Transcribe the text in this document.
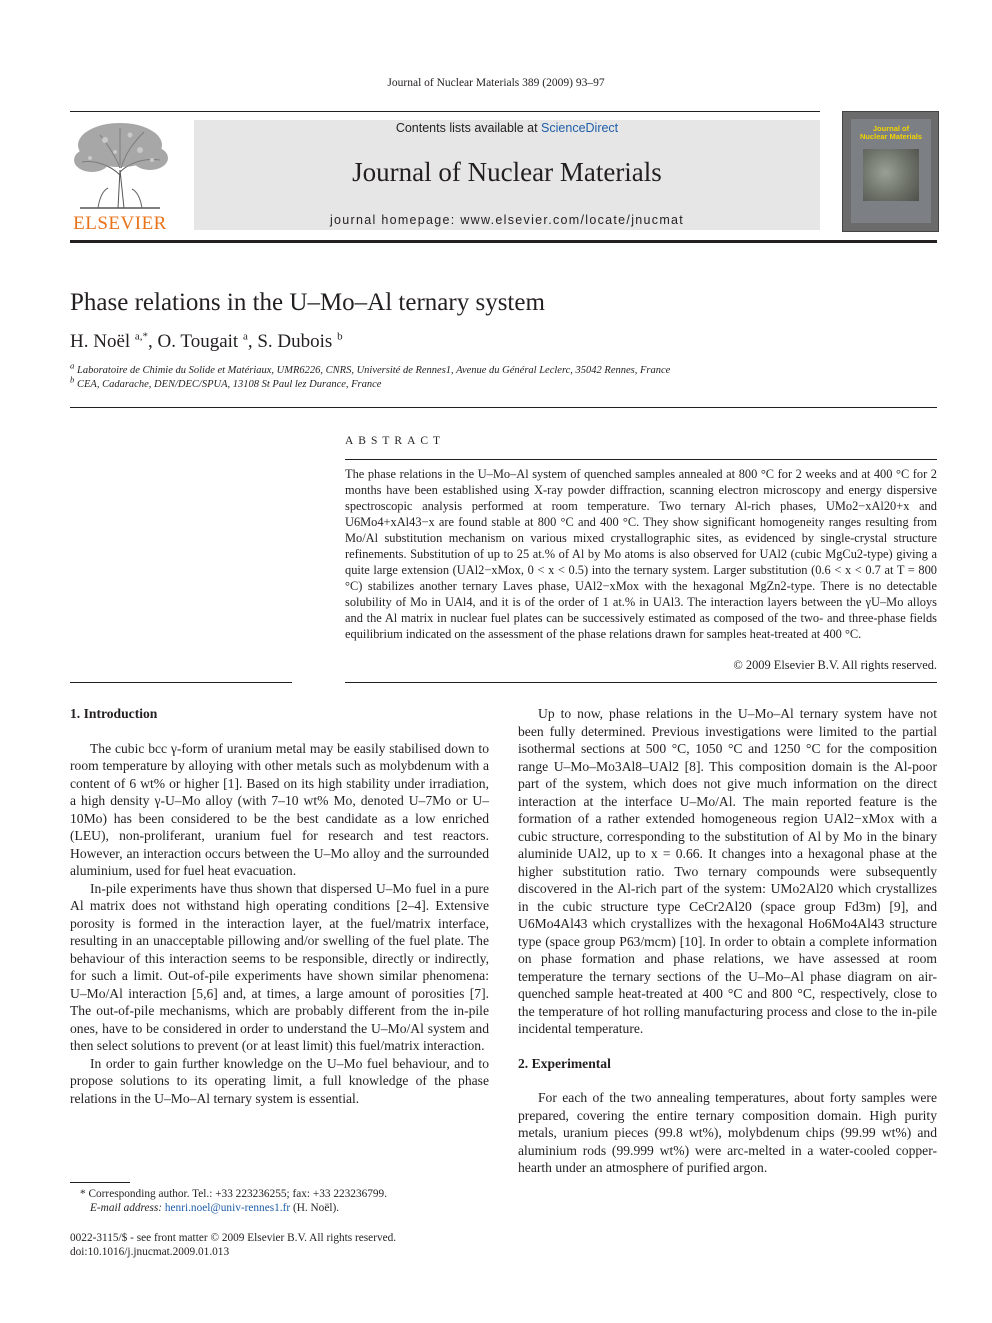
Journal of Nuclear Materials 389 (2009) 93–97
ELSEVIER
Contents lists available at ScienceDirect
Journal of Nuclear Materials
journal homepage: www.elsevier.com/locate/jnucmat
Journal of
Nuclear Materials
Phase relations in the U–Mo–Al ternary system
H. Noël $^{a,*}$, O. Tougait $^a$, S. Dubois $^b$
$^a$ Laboratoire de Chimie du Solide et Matériaux, UMR6226, CNRS, Université de Rennes1, Avenue du Général Leclerc, 35042 Rennes, France
$^b$ CEA, Cadarache, DEN/DEC/SPUA, 13108 St Paul lez Durance, France
ABSTRACT
The phase relations in the U–Mo–Al system of quenched samples annealed at 800 °C for 2 weeks and at 400 °C for 2 months have been established using X-ray powder diffraction, scanning electron microscopy and energy dispersive spectroscopic analysis performed at room temperature. Two ternary Al-rich phases, UMo2−xAl20+x and U6Mo4+xAl43−x are found stable at 800 °C and 400 °C. They show significant homogeneity ranges resulting from Mo/Al substitution mechanism on various mixed crystallographic sites, as evidenced by single-crystal structure refinements. Substitution of up to 25 at.% of Al by Mo atoms is also observed for UAl2 (cubic MgCu2-type) giving a quite large extension (UAl2−xMox, 0 < x < 0.5) into the ternary system. Larger substitution (0.6 < x < 0.7 at T = 800 °C) stabilizes another ternary Laves phase, UAl2−xMox with the hexagonal MgZn2-type. There is no detectable solubility of Mo in UAl4, and it is of the order of 1 at.% in UAl3. The interaction layers between the γU–Mo alloys and the Al matrix in nuclear fuel plates can be successively estimated as composed of the two- and three-phase fields equilibrium indicated on the assessment of the phase relations drawn for samples heat-treated at 400 °C.
© 2009 Elsevier B.V. All rights reserved.
1. Introduction

The cubic bcc γ-form of uranium metal may be easily stabilised down to room temperature by alloying with other metals such as molybdenum with a content of 6 wt% or higher [1]. Based on its high stability under irradiation, a high density γ-U–Mo alloy (with 7–10 wt% Mo, denoted U–7Mo or U–10Mo) has been considered to be the best candidate as a low enriched (LEU), non-proliferant, uranium fuel for research and test reactors. However, an interaction occurs between the U–Mo alloy and the surrounded aluminium, used for fuel heat evacuation.

In-pile experiments have thus shown that dispersed U–Mo fuel in a pure Al matrix does not withstand high operating conditions [2–4]. Extensive porosity is formed in the interaction layer, at the fuel/matrix interface, resulting in an unacceptable pillowing and/or swelling of the fuel plate. The behaviour of this interaction seems to be responsible, directly or indirectly, for such a limit. Out-of-pile experiments have shown similar phenomena: U–Mo/Al interaction [5,6] and, at times, a large amount of porosities [7]. The out-of-pile mechanisms, which are probably different from the in-pile ones, have to be considered in order to understand the U–Mo/Al system and then select solutions to prevent (or at least limit) this fuel/matrix interaction.

In order to gain further knowledge on the U–Mo fuel behaviour, and to propose solutions to its operating limit, a full knowledge of the phase relations in the U–Mo–Al ternary system is essential.

Up to now, phase relations in the U–Mo–Al ternary system have not been fully determined. Previous investigations were limited to the partial isothermal sections at 500 °C, 1050 °C and 1250 °C for the composition range U–Mo–Mo3Al8–UAl2 [8]. This composition domain is the Al-poor part of the system, which does not give much information on the direct interaction at the interface U–Mo/Al. The main reported feature is the formation of a rather extended homogeneous region UAl2−xMox with a cubic structure, corresponding to the substitution of Al by Mo in the binary aluminide UAl2, up to x = 0.66. It changes into a hexagonal phase at the higher substitution ratio. Two ternary compounds were subsequently discovered in the Al-rich part of the system: UMo2Al20 which crystallizes in the cubic structure type CeCr2Al20 (space group Fd3m) [9], and U6Mo4Al43 which crystallizes with the hexagonal Ho6Mo4Al43 structure type (space group P63/mcm) [10]. In order to obtain a complete information on phase formation and phase relations, we have assessed at room temperature the ternary sections of the U–Mo–Al phase diagram on air-quenched sample heat-treated at 400 °C and 800 °C, respectively, close to the temperature of hot rolling manufacturing process and close to the in-pile incidental temperature.

2. Experimental

For each of the two annealing temperatures, about forty samples were prepared, covering the entire ternary composition domain. High purity metals, uranium pieces (99.8 wt%), molybdenum chips (99.99 wt%) and aluminium rods (99.999 wt%) were arc-melted in a water-cooled copper-hearth under an atmosphere of purified argon.

* Corresponding author. Tel.: +33 223236255; fax: +33 223236799.
E-mail address: henri.noel@univ-rennes1.fr (H. Noël).
0022-3115/$ - see front matter © 2009 Elsevier B.V. All rights reserved.
doi:10.1016/j.jnucmat.2009.01.013
